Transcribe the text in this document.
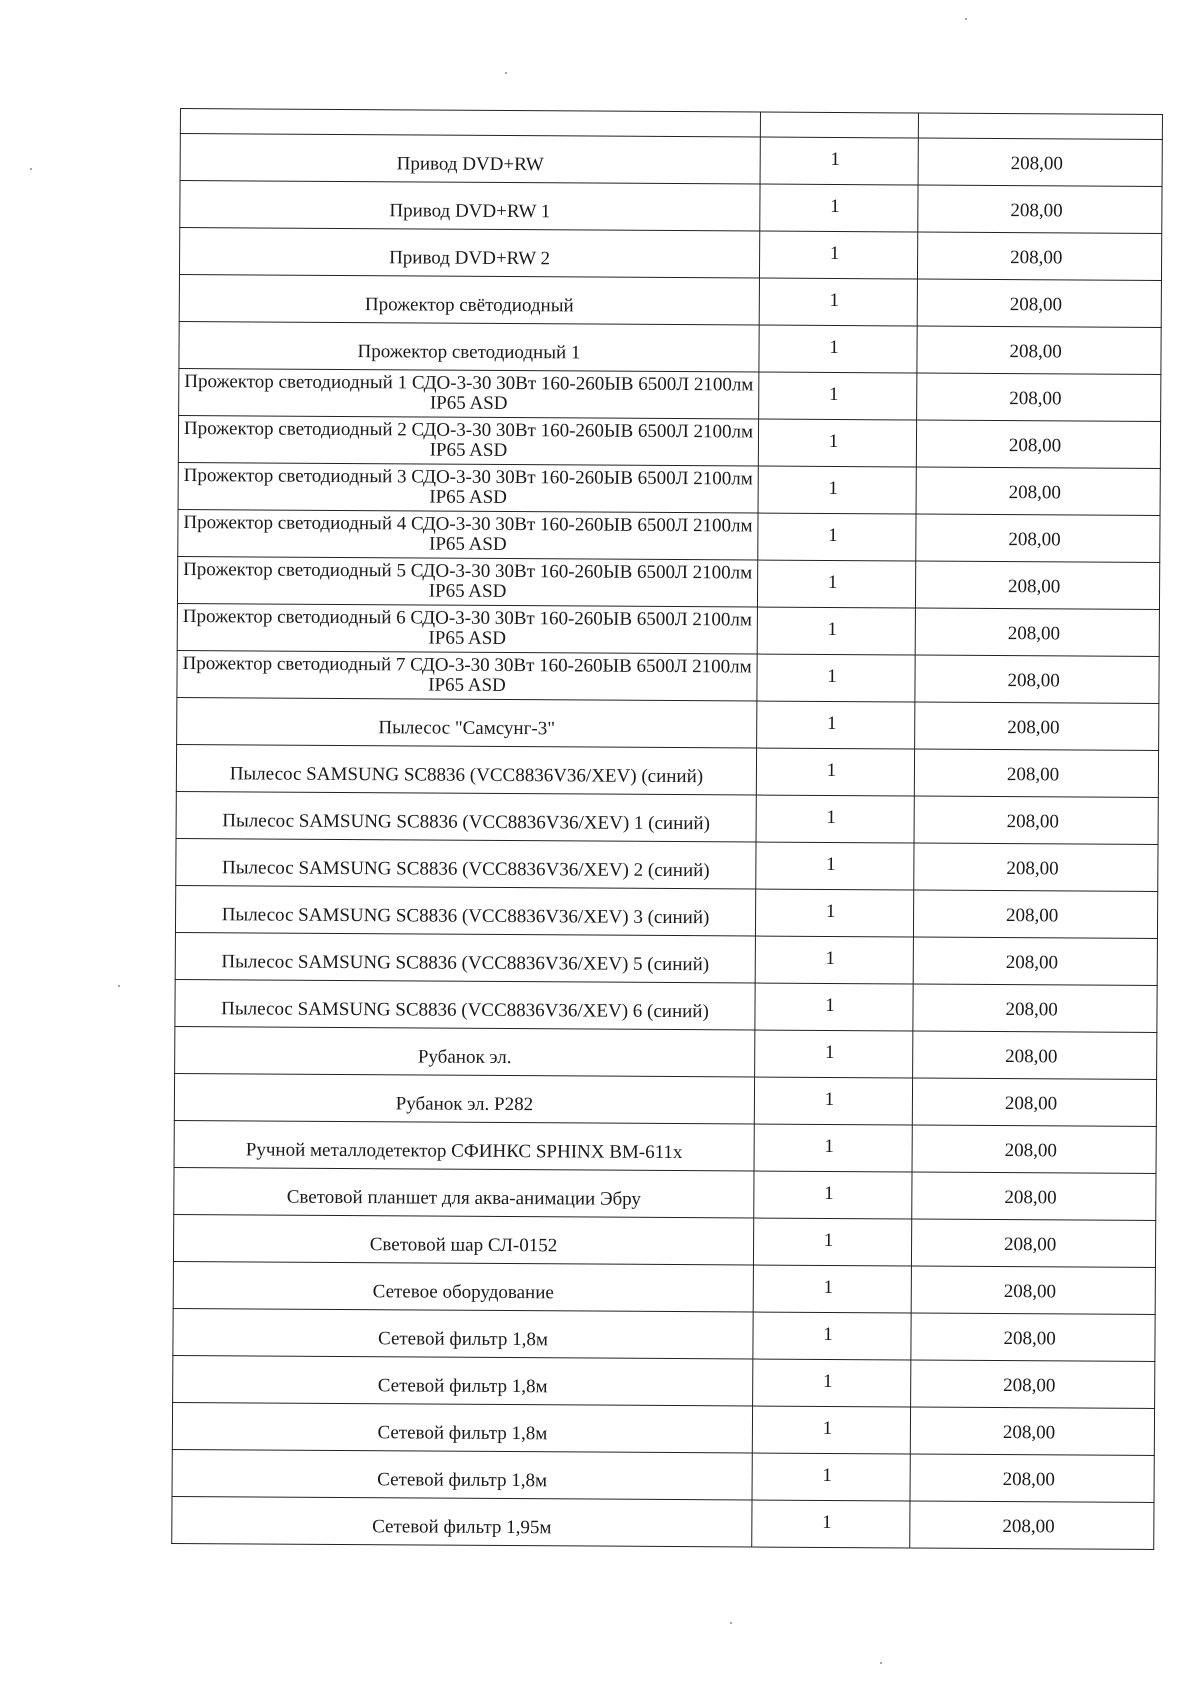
Привод DVD+RW	1	208,00

Привод DVD+RW 1	1	208,00

Привод DVD+RW 2	1	208,00

Прожектор свётодиодный	1	208,00

Прожектор светодиодный 1	1	208,00

Прожектор светодиодный 1 СДО-3-30 30Вт 160-260ЫВ 6500Л 2100лм IP65 ASD	1	208,00

Прожектор светодиодный 2 СДО-3-30 30Вт 160-260ЫВ 6500Л 2100лм IP65 ASD	1	208,00

Прожектор светодиодный 3 СДО-3-30 30Вт 160-260ЫВ 6500Л 2100лм IP65 ASD	1	208,00

Прожектор светодиодный 4 СДО-3-30 30Вт 160-260ЫВ 6500Л 2100лм IP65 ASD	1	208,00

Прожектор светодиодный 5 СДО-3-30 30Вт 160-260ЫВ 6500Л 2100лм IP65 ASD	1	208,00

Прожектор светодиодный 6 СДО-3-30 30Вт 160-260ЫВ 6500Л 2100лм IP65 ASD	1	208,00

Прожектор светодиодный 7 СДО-3-30 30Вт 160-260ЫВ 6500Л 2100лм IP65 ASD	1	208,00

Пылесос "Самсунг-3"	1	208,00

Пылесос SAMSUNG SC8836 (VCC8836V36/XEV) (синий)	1	208,00

Пылесос SAMSUNG SC8836 (VCC8836V36/XEV) 1 (синий)	1	208,00

Пылесос SAMSUNG SC8836 (VCC8836V36/XEV) 2 (синий)	1	208,00

Пылесос SAMSUNG SC8836 (VCC8836V36/XEV) 3 (синий)	1	208,00

Пылесос SAMSUNG SC8836 (VCC8836V36/XEV) 5 (синий)	1	208,00

Пылесос SAMSUNG SC8836 (VCC8836V36/XEV) 6 (синий)	1	208,00

Рубанок эл.	1	208,00

Рубанок эл. Р282	1	208,00

Ручной металлодетектор СФИНКС SPHINX ВМ-611х	1	208,00

Световой планшет для аква-анимации Эбру	1	208,00

Световой шар СЛ-0152	1	208,00

Сетевое оборудование	1	208,00

Сетевой фильтр 1,8м	1	208,00

Сетевой фильтр 1,8м	1	208,00

Сетевой фильтр 1,8м	1	208,00

Сетевой фильтр 1,8м	1	208,00

Сетевой фильтр 1,95м	1	208,00
